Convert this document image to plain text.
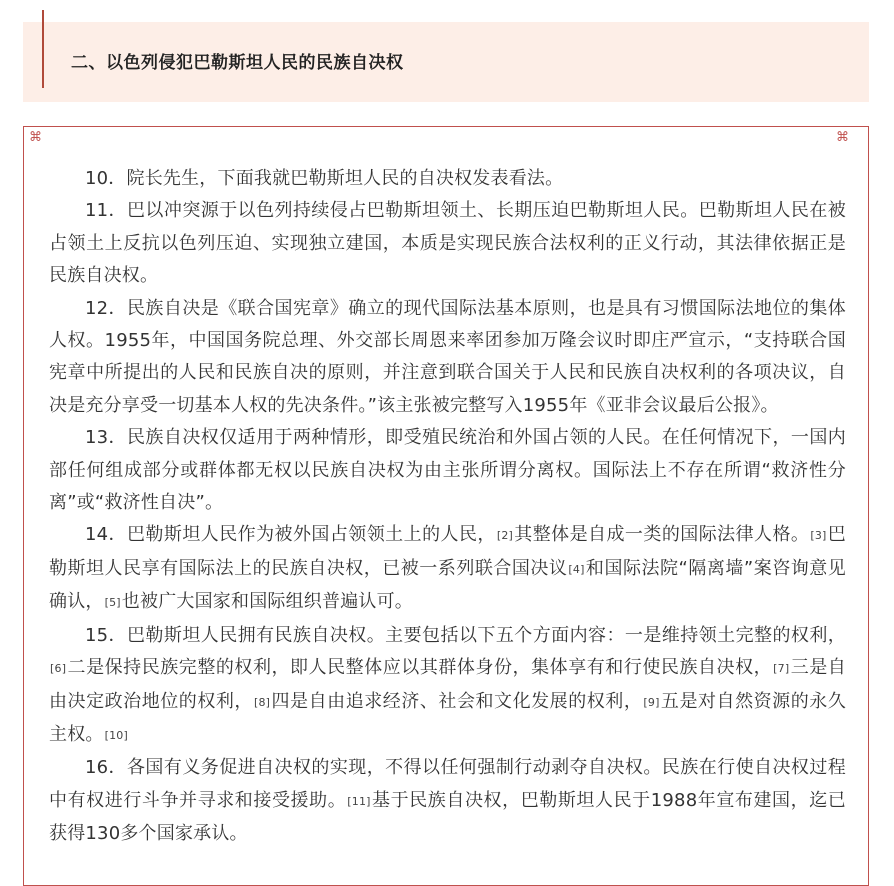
二、以色列侵犯巴勒斯坦人民的民族自决权
⌘	⌘

10．院长先生，下面我就巴勒斯坦人民的自决权发表看法。

11．巴以冲突源于以色列持续侵占巴勒斯坦领土、长期压迫巴勒斯坦人民。巴勒斯坦人民在被占领土上反抗以色列压迫、实现独立建国，本质是实现民族合法权利的正义行动，其法律依据正是民族自决权。

12．民族自决是《联合国宪章》确立的现代国际法基本原则，也是具有习惯国际法地位的集体人权。1955年，中国国务院总理、外交部长周恩来率团参加万隆会议时即庄严宣示，“支持联合国宪章中所提出的人民和民族自决的原则，并注意到联合国关于人民和民族自决权利的各项决议，自决是充分享受一切基本人权的先决条件。”该主张被完整写入1955年《亚非会议最后公报》。

13．民族自决权仅适用于两种情形，即受殖民统治和外国占领的人民。在任何情况下，一国内部任何组成部分或群体都无权以民族自决权为由主张所谓分离权。国际法上不存在所谓“救济性分离”或“救济性自决”。

14．巴勒斯坦人民作为被外国占领领土上的人民，[2]其整体是自成一类的国际法律人格。[3]巴勒斯坦人民享有国际法上的民族自决权，已被一系列联合国决议[4]和国际法院“隔离墙”案咨询意见确认，[5]也被广大国家和国际组织普遍认可。

15．巴勒斯坦人民拥有民族自决权。主要包括以下五个方面内容：一是维持领土完整的权利，[6]二是保持民族完整的权利，即人民整体应以其群体身份，集体享有和行使民族自决权，[7]三是自由决定政治地位的权利，[8]四是自由追求经济、社会和文化发展的权利，[9]五是对自然资源的永久主权。[10]

16．各国有义务促进自决权的实现，不得以任何强制行动剥夺自决权。民族在行使自决权过程中有权进行斗争并寻求和接受援助。[11]基于民族自决权，巴勒斯坦人民于1988年宣布建国，迄已获得130多个国家承认。
